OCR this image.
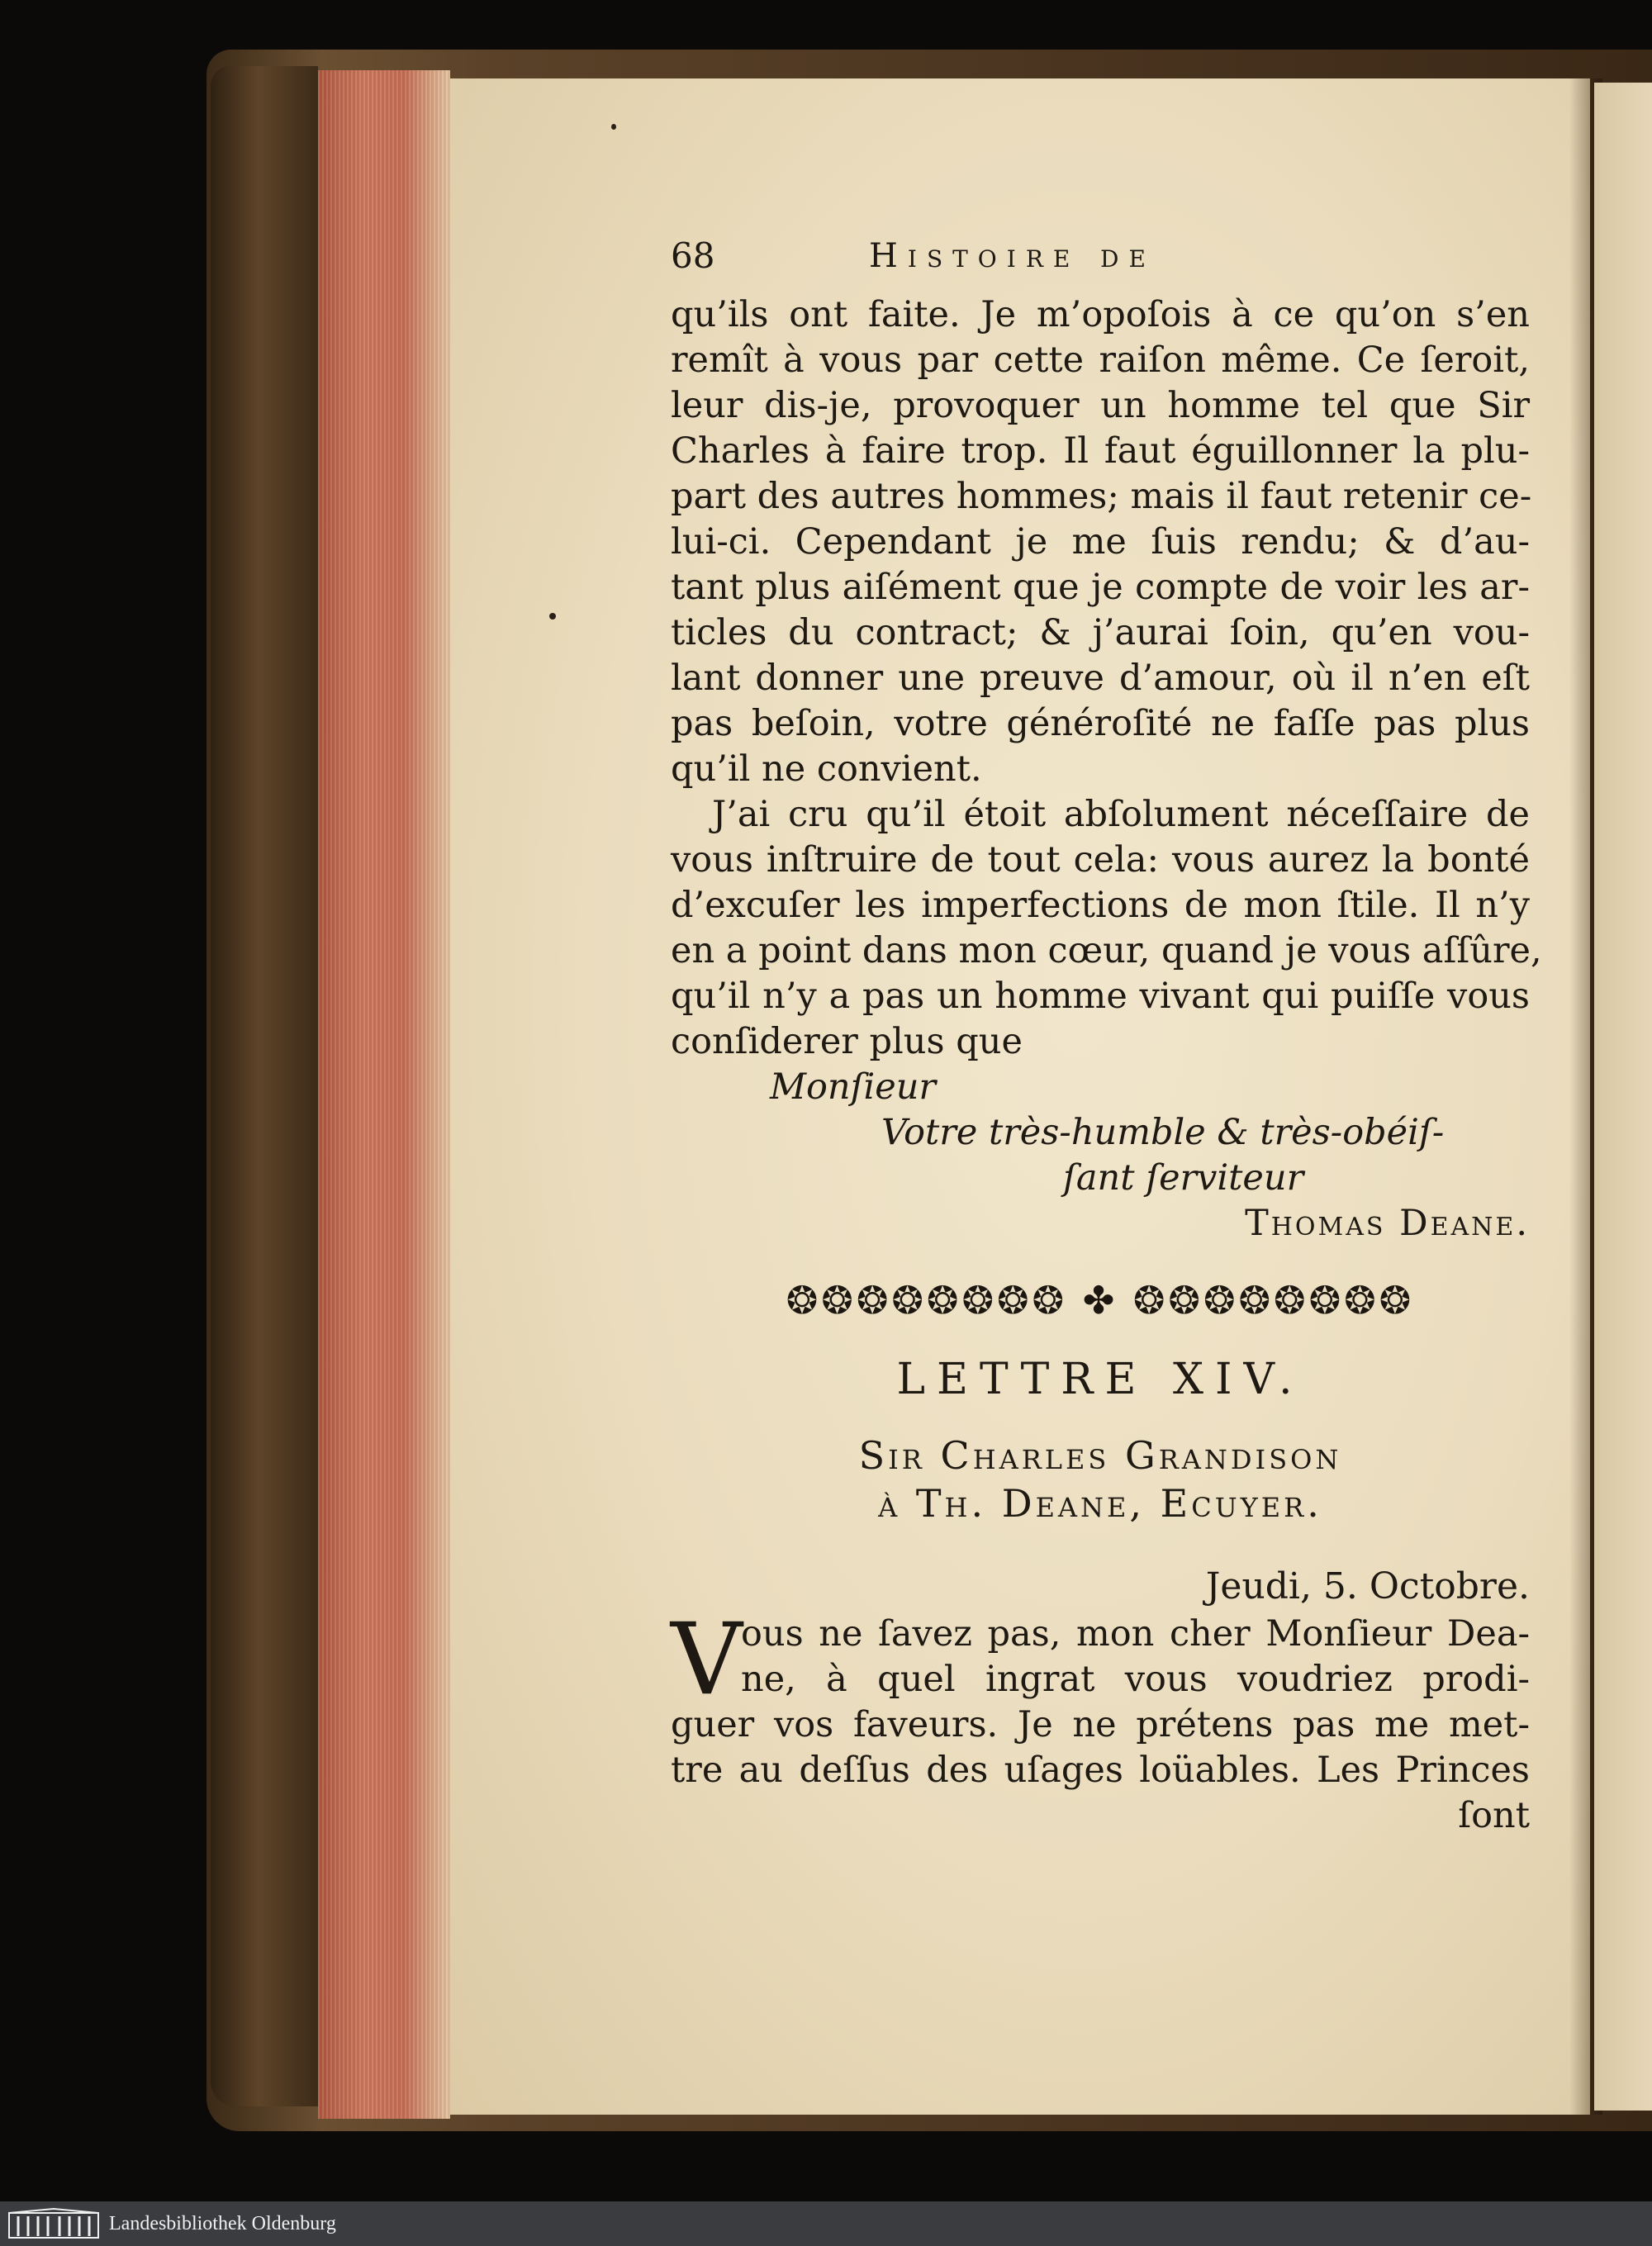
68	Histoire de
qu’ils ont faite. Je m’opoſois à ce qu’on s’en
remît à vous par cette raiſon même. Ce ſeroit,
leur dis-je, provoquer un homme tel que Sir
Charles à faire trop. Il faut éguillonner la plu-
part des autres hommes; mais il faut retenir ce-
lui-ci. Cependant je me ſuis rendu; & d’au-
tant plus aiſément que je compte de voir les ar-
ticles du contract; & j’aurai ſoin, qu’en vou-
lant donner une preuve d’amour, où il n’en eſt
pas beſoin, votre généroſité ne faſſe pas plus
qu’il ne convient.
J’ai cru qu’il étoit abſolument néceſſaire de
vous inſtruire de tout cela: vous aurez la bonté
d’excuſer les imperfections de mon ſtile. Il n’y
en a point dans mon cœur, quand je vous aſſûre,
qu’il n’y a pas un homme vivant qui puiſſe vous
conſiderer plus que
Monſieur
Votre très-humble & très-obéiſ-
ſant ſerviteur
Thomas Deane.
❂❂❂❂❂❂❂❂ ✤ ❂❂❂❂❂❂❂❂
LETTRE XIV.
Sir Charles Grandison
à Th. Deane, Ecuyer.
Jeudi, 5. Octobre.
V
ous ne ſavez pas, mon cher Monſieur Dea-
ne, à quel ingrat vous voudriez prodi-
guer vos faveurs. Je ne prétens pas me met-
tre au deſſus des uſages loüables. Les Princes
ſont
Landesbibliothek Oldenburg
